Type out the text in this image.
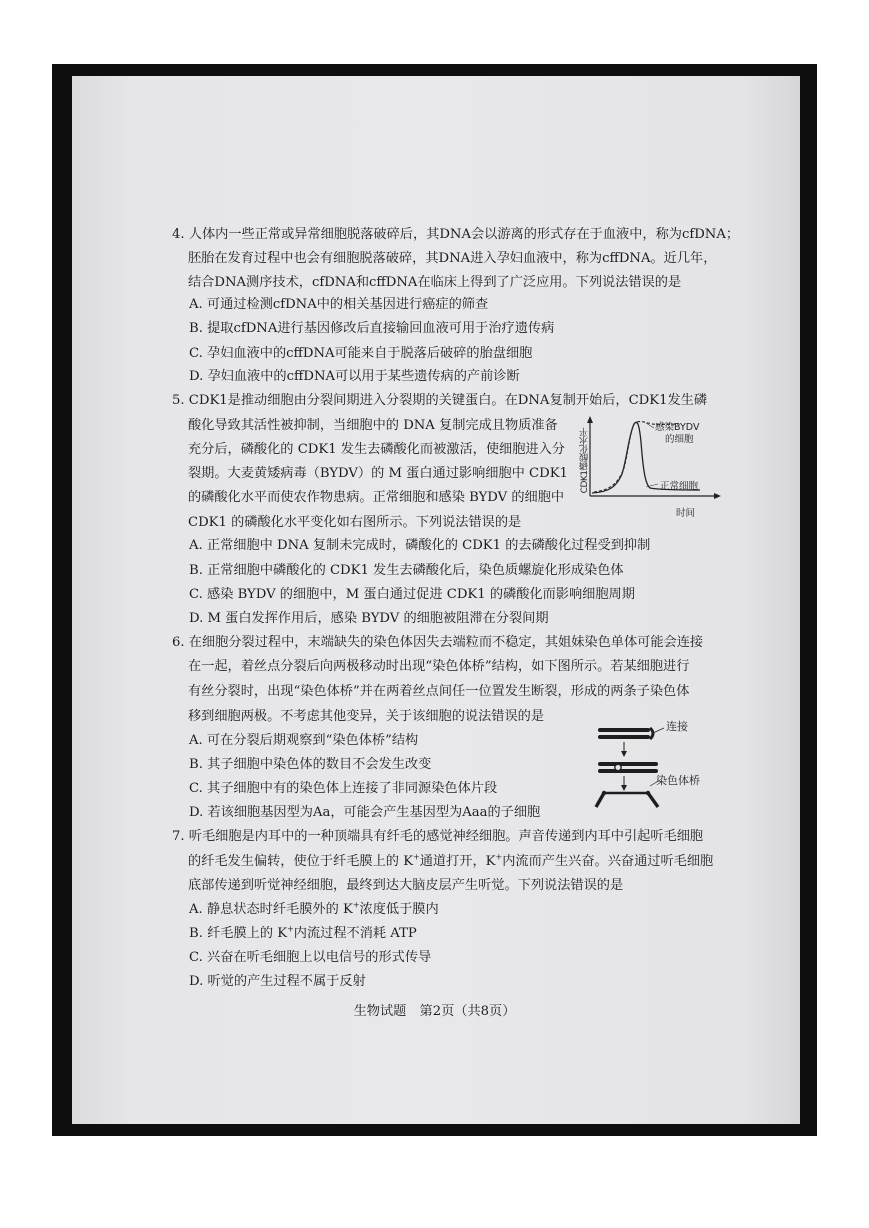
4. 人体内一些正常或异常细胞脱落破碎后，其DNA会以游离的形式存在于血液中，称为cfDNA；
胚胎在发育过程中也会有细胞脱落破碎，其DNA进入孕妇血液中，称为cffDNA。近几年，
结合DNA测序技术，cfDNA和cffDNA在临床上得到了广泛应用。下列说法错误的是
A. 可通过检测cfDNA中的相关基因进行癌症的筛查
B. 提取cfDNA进行基因修改后直接输回血液可用于治疗遗传病
C. 孕妇血液中的cffDNA可能来自于脱落后破碎的胎盘细胞
D. 孕妇血液中的cffDNA可以用于某些遗传病的产前诊断
5. CDK1是推动细胞由分裂间期进入分裂期的关键蛋白。在DNA复制开始后，CDK1发生磷
酸化导致其活性被抑制，当细胞中的 DNA 复制完成且物质准备
充分后，磷酸化的 CDK1 发生去磷酸化而被激活，使细胞进入分
裂期。大麦黄矮病毒（BYDV）的 M 蛋白通过影响细胞中 CDK1
的磷酸化水平而使农作物患病。正常细胞和感染 BYDV 的细胞中
CDK1 的磷酸化水平变化如右图所示。下列说法错误的是
A. 正常细胞中 DNA 复制未完成时，磷酸化的 CDK1 的去磷酸化过程受到抑制
B. 正常细胞中磷酸化的 CDK1 发生去磷酸化后，染色质螺旋化形成染色体
C. 感染 BYDV 的细胞中，M 蛋白通过促进 CDK1 的磷酸化而影响细胞周期
D. M 蛋白发挥作用后，感染 BYDV 的细胞被阻滞在分裂间期
CDK1磷酸化水平
感染BYDV
的细胞
正常细胞
时间
6. 在细胞分裂过程中，末端缺失的染色体因失去端粒而不稳定，其姐妹染色单体可能会连接
在一起，着丝点分裂后向两极移动时出现“染色体桥”结构，如下图所示。若某细胞进行
有丝分裂时，出现“染色体桥”并在两着丝点间任一位置发生断裂，形成的两条子染色体
移到细胞两极。不考虑其他变异，关于该细胞的说法错误的是
A. 可在分裂后期观察到“染色体桥”结构
B. 其子细胞中染色体的数目不会发生改变
C. 其子细胞中有的染色体上连接了非同源染色体片段
D. 若该细胞基因型为Aa，可能会产生基因型为Aaa的子细胞
连接
染色体桥
7. 听毛细胞是内耳中的一种顶端具有纤毛的感觉神经细胞。声音传递到内耳中引起听毛细胞
的纤毛发生偏转，使位于纤毛膜上的 K+通道打开，K+内流而产生兴奋。兴奋通过听毛细胞
底部传递到听觉神经细胞，最终到达大脑皮层产生听觉。下列说法错误的是
A. 静息状态时纤毛膜外的 K+浓度低于膜内
B. 纤毛膜上的 K+内流过程不消耗 ATP
C. 兴奋在听毛细胞上以电信号的形式传导
D. 听觉的产生过程不属于反射
生物试题　第2页（共8页）
